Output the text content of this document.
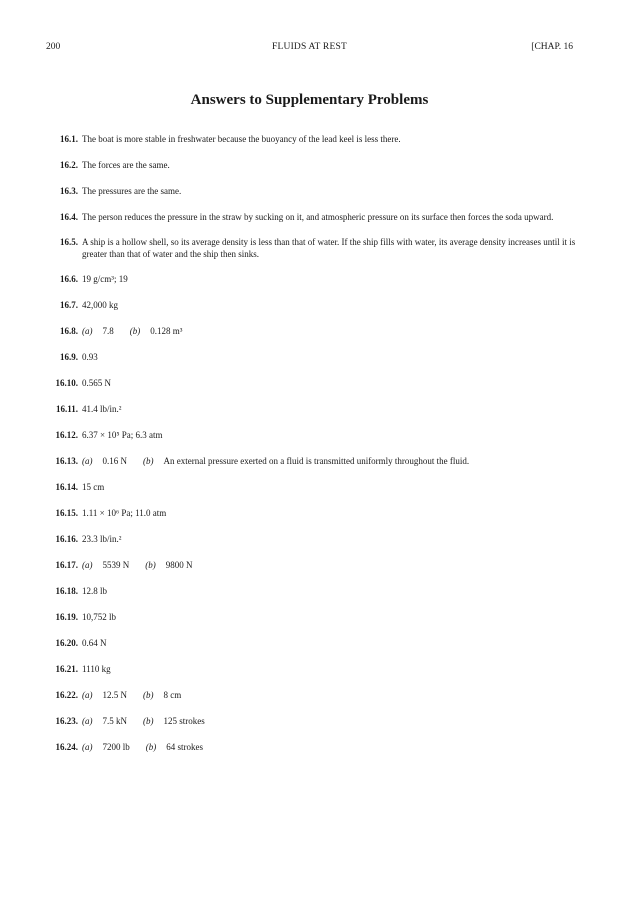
200	FLUIDS AT REST	[CHAP. 16
Answers to Supplementary Problems
16.1. The boat is more stable in freshwater because the buoyancy of the lead keel is less there.
16.2. The forces are the same.
16.3. The pressures are the same.
16.4. The person reduces the pressure in the straw by sucking on it, and atmospheric pressure on its surface then forces the soda upward.
16.5. A ship is a hollow shell, so its average density is less than that of water. If the ship fills with water, its average density increases until it is greater than that of water and the ship then sinks.
16.6. 19 g/cm³; 19
16.7. 42,000 kg
16.8. (a) 7.8 (b) 0.128 m³
16.9. 0.93
16.10. 0.565 N
16.11. 41.4 lb/in.²
16.12. 6.37 × 10⁵ Pa; 6.3 atm
16.13. (a) 0.16 N (b) An external pressure exerted on a fluid is transmitted uniformly throughout the fluid.
16.14. 15 cm
16.15. 1.11 × 10⁶ Pa; 11.0 atm
16.16. 23.3 lb/in.²
16.17. (a) 5539 N (b) 9800 N
16.18. 12.8 lb
16.19. 10,752 lb
16.20. 0.64 N
16.21. 1110 kg
16.22. (a) 12.5 N (b) 8 cm
16.23. (a) 7.5 kN (b) 125 strokes
16.24. (a) 7200 lb (b) 64 strokes
